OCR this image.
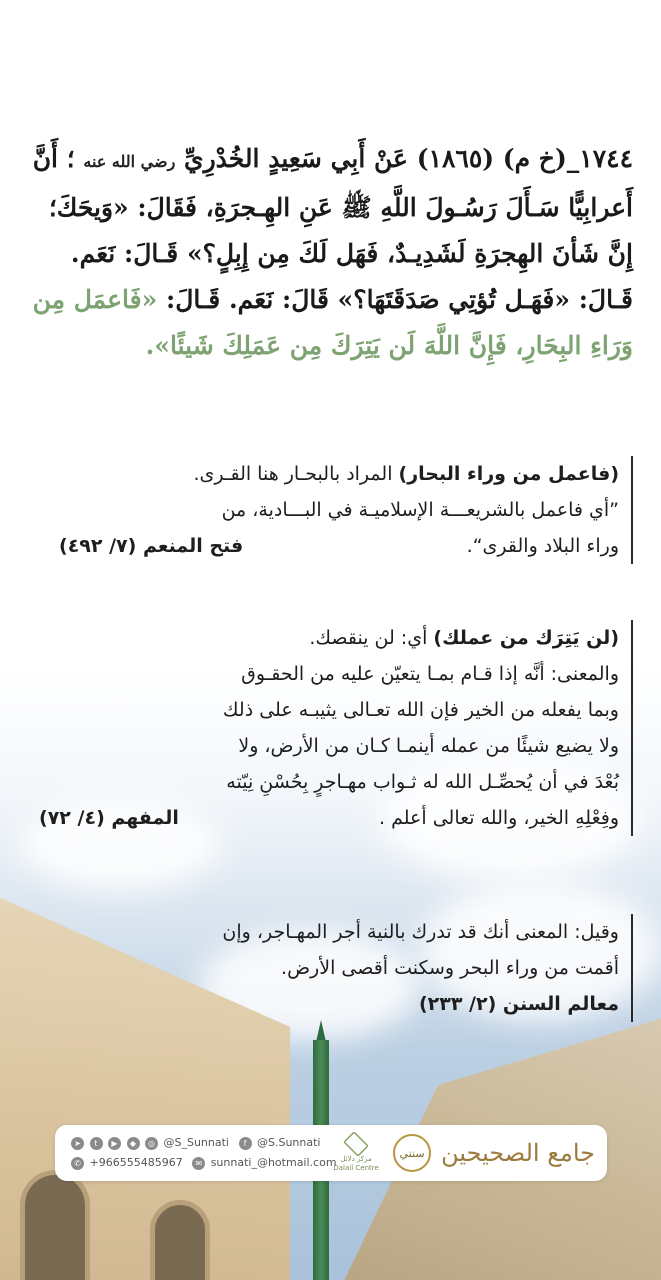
١٧٤٤_(خ م) (١٨٦٥) عَنْ أَبِي سَعِيدٍ الخُدْرِيِّ رضي الله عنه ؛ أَنَّ أَعرابِيًّا سَـأَلَ رَسُـولَ اللَّهِ ﷺ عَنِ الهِـجرَةِ، فَقَالَ: «وَيحَكَ؛ إِنَّ شَأنَ الهِجرَةِ لَشَدِيـدٌ، فَهَل لَكَ مِن إِبِلٍ؟» قَـالَ: نَعَم. قَـالَ: «فَهَـل تُؤتِي صَدَقَتَهَا؟» قَالَ: نَعَم. قَـالَ: «فَاعمَل مِن وَرَاءِ البِحَارِ، فَإِنَّ اللَّهَ لَن يَتِرَكَ مِن عَمَلِكَ شَيئًا».
(فاعمل من وراء البحار) المراد بالبحـار هنا القـرى.
”أي فاعمل بالشريعـــة الإسلاميـة في البـــادية، من
وراء البلاد والقرى“.
فتح المنعم (٧/ ٤٩٢)
(لن يَتِرَك من عملك) أي: لن ينقصك.
والمعنى: أنَّه إذا قـام بمـا يتعيّن عليه من الحقـوق
وبما يفعله من الخير فإن الله تعـالى يثيبـه على ذلك
ولا يضيع شيئًا من عمله أينمـا كـان من الأرض، ولا
بُعْدَ في أن يُحصِّـل الله له ثـواب مهـاجرٍ بِحُسْنِ نِيّته
وفِعْلِهِ الخير، والله تعالى أعلم .
المفهم (٤/ ٧٢)
وقيل: المعنى أنك قد تدرك بالنية أجر المهـاجر، وإن
أقمت من وراء البحر وسكنت أقصى الأرض.
معالم السنن (٢/ ٢٣٣)
➤ t ▶ ◆ ◎ @S_Sunnati f @S.Sunnati
✆ +966555485967 ✉ sunnati_@hotmail.com مركز دلائل
Dalail Centre
سنتي جامع الصحيحين
